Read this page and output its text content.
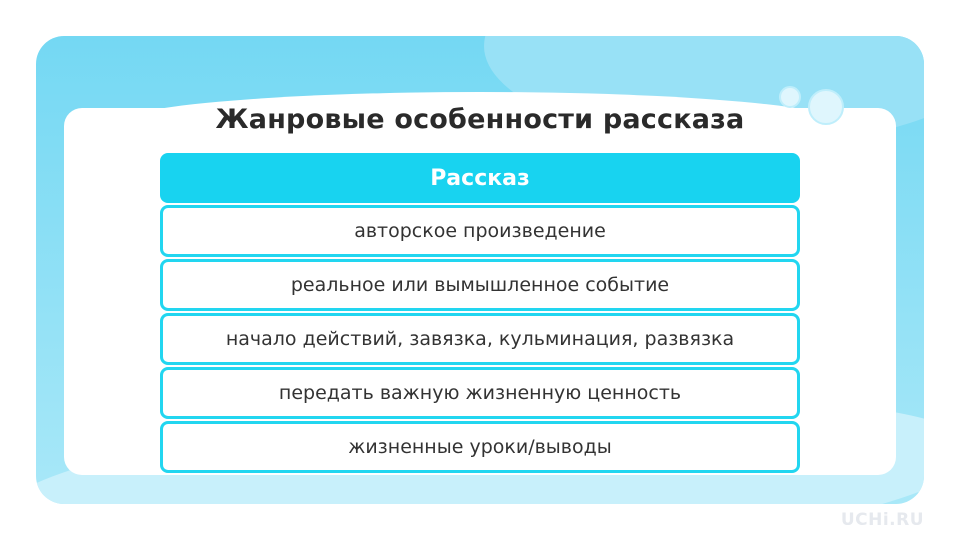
Жанровые особенности рассказа
Рассказ
авторское произведение
реальное или вымышленное событие
начало действий, завязка, кульминация, развязка
передать важную жизненную ценность
жизненные уроки/выводы
UCHi.RU
